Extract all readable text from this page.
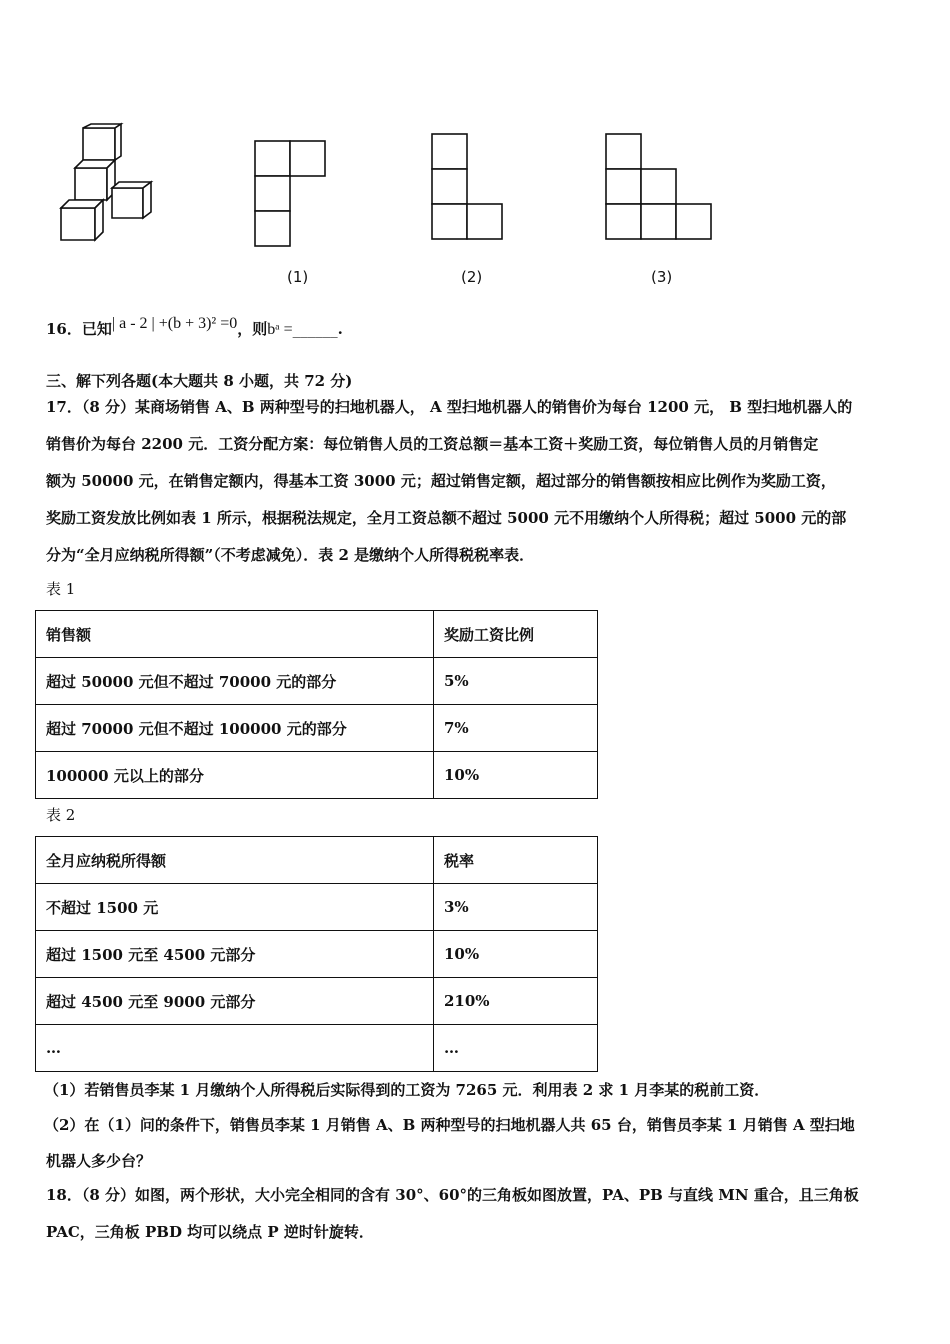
(1)	(2)	(3)
16．已知| a - 2 | +(b + 3)² =0，则bᵃ =______.
三、解下列各题(本大题共 8 小题，共 72 分)
17．（8 分）某商场销售 A、B 两种型号的扫地机器人， A 型扫地机器人的销售价为每台 1200 元， B 型扫地机器人的
销售价为每台 2200 元．工资分配方案：每位销售人员的工资总额＝基本工资＋奖励工资，每位销售人员的月销售定
额为 50000 元，在销售定额内，得基本工资 3000 元；超过销售定额，超过部分的销售额按相应比例作为奖励工资，
奖励工资发放比例如表 1 所示，根据税法规定，全月工资总额不超过 5000 元不用缴纳个人所得税；超过 5000 元的部
分为“全月应纳税所得额”（不考虑减免）．表 2 是缴纳个人所得税税率表．
表 1
销售额	奖励工资比例
超过 50000 元但不超过 70000 元的部分	5%
超过 70000 元但不超过 100000 元的部分	7%
100000 元以上的部分	10%
表 2
全月应纳税所得额	税率
不超过 1500 元	3%
超过 1500 元至 4500 元部分	10%
超过 4500 元至 9000 元部分	210%
…	…
（1）若销售员李某 1 月缴纳个人所得税后实际得到的工资为 7265 元．利用表 2 求 1 月李某的税前工资．
（2）在（1）问的条件下，销售员李某 1 月销售 A、B 两种型号的扫地机器人共 65 台，销售员李某 1 月销售 A 型扫地
机器人多少台？
18．（8 分）如图，两个形状，大小完全相同的含有 30°、60°的三角板如图放置，PA、PB 与直线 MN 重合，且三角板
PAC，三角板 PBD 均可以绕点 P 逆时针旋转．
